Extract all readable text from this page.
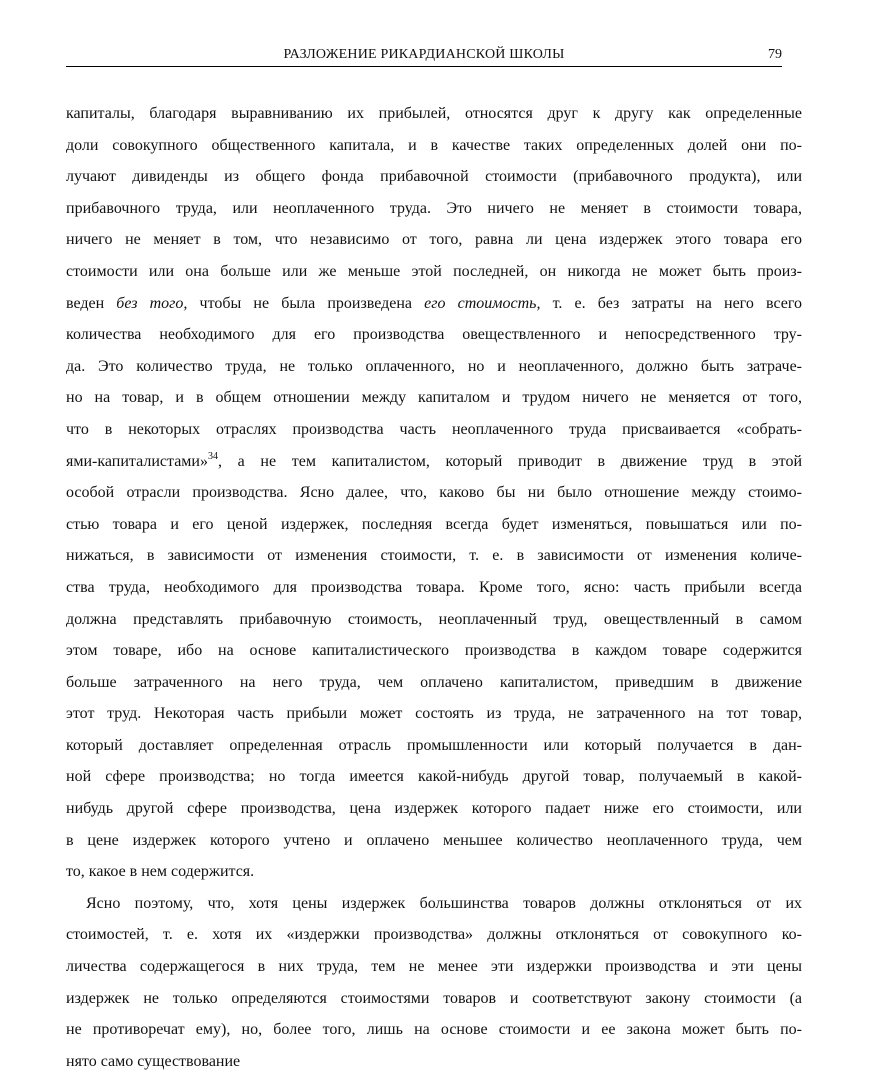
РАЗЛОЖЕНИЕ РИКАРДИАНСКОЙ ШКОЛЫ	79
капиталы, благодаря выравниванию их прибылей, относятся друг к другу как определенные
доли совокупного общественного капитала, и в качестве таких определенных долей они по-
лучают дивиденды из общего фонда прибавочной стоимости (прибавочного продукта), или
прибавочного труда, или неоплаченного труда. Это ничего не меняет в стоимости товара,
ничего не меняет в том, что независимо от того, равна ли цена издержек этого товара его
стоимости или она больше или же меньше этой последней, он никогда не может быть произ-
веден без того, чтобы не была произведена его стоимость, т. е. без затраты на него всего
количества необходимого для его производства овеществленного и непосредственного тру-
да. Это количество труда, не только оплаченного, но и неоплаченного, должно быть затраче-
но на товар, и в общем отношении между капиталом и трудом ничего не меняется от того,
что в некоторых отраслях производства часть неоплаченного труда присваивается «собрать-
ями-капиталистами»$^{34}$, а не тем капиталистом, который приводит в движение труд в этой
особой отрасли производства. Ясно далее, что, каково бы ни было отношение между стоимо-
стью товара и его ценой издержек, последняя всегда будет изменяться, повышаться или по-
нижаться, в зависимости от изменения стоимости, т. е. в зависимости от изменения количе-
ства труда, необходимого для производства товара. Кроме того, ясно: часть прибыли всегда
должна представлять прибавочную стоимость, неоплаченный труд, овеществленный в самом
этом товаре, ибо на основе капиталистического производства в каждом товаре содержится
больше затраченного на него труда, чем оплачено капиталистом, приведшим в движение
этот труд. Некоторая часть прибыли может состоять из труда, не затраченного на тот товар,
который доставляет определенная отрасль промышленности или который получается в дан-
ной сфере производства; но тогда имеется какой-нибудь другой товар, получаемый в какой-
нибудь другой сфере производства, цена издержек которого падает ниже его стоимости, или
в цене издержек которого учтено и оплачено меньшее количество неоплаченного труда, чем
то, какое в нем содержится.
Ясно поэтому, что, хотя цены издержек большинства товаров должны отклоняться от их
стоимостей, т. е. хотя их «издержки производства» должны отклоняться от совокупного ко-
личества содержащегося в них труда, тем не менее эти издержки производства и эти цены
издержек не только определяются стоимостями товаров и соответствуют закону стоимости (а
не противоречат ему), но, более того, лишь на основе стоимости и ее закона может быть по-
нято само существование
